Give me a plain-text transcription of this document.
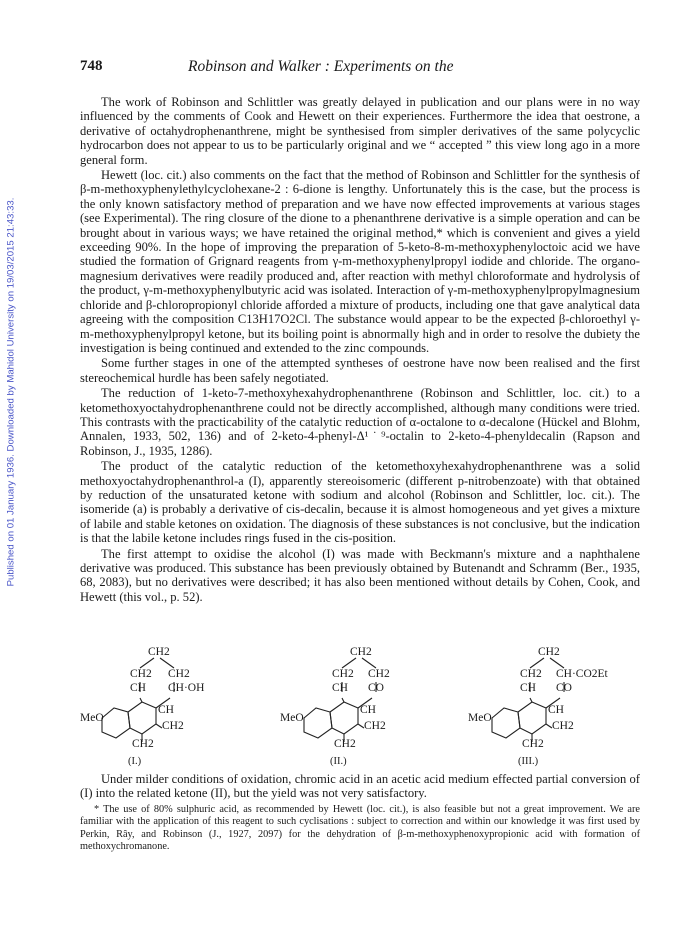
Published on 01 January 1936. Downloaded by Mahidol University on 19/03/2015 21:43:33.
748	Robinson and Walker : Experiments on the

The work of Robinson and Schlittler was greatly delayed in publication and our plans were in no way influenced by the comments of Cook and Hewett on their experiences. Furthermore the idea that oestrone, a derivative of octahydrophenanthrene, might be synthesised from simpler derivatives of the same polycyclic hydrocarbon does not appear to us to be particularly original and we “ accepted ” this view long ago in a more general form.

Hewett (loc. cit.) also comments on the fact that the method of Robinson and Schlittler for the synthesis of β-m-methoxyphenylethylcyclohexane-2 : 6-dione is lengthy. Unfortunately this is the case, but the process is the only known satisfactory method of preparation and we have now effected improvements at various stages (see Experimental). The ring closure of the dione to a phenanthrene derivative is a simple operation and can be brought about in various ways; we have retained the original method,* which is convenient and gives a yield exceeding 90%. In the hope of improving the preparation of 5-keto-8-m-methoxyphenyloctoic acid we have studied the formation of Grignard reagents from γ-m-methoxyphenylpropyl iodide and chloride. The organo-magnesium derivatives were readily produced and, after reaction with methyl chloroformate and hydrolysis of the product, γ-m-methoxyphenylbutyric acid was isolated. Interaction of γ-m-methoxyphenylpropylmagnesium chloride and β-chloropropionyl chloride afforded a mixture of products, including one that gave analytical data agreeing with the composition C13H17O2Cl. The substance would appear to be the expected β-chloroethyl γ-m-methoxyphenylpropyl ketone, but its boiling point is abnormally high and in order to resolve the dubiety the investigation is being continued and extended to the zinc compounds.

Some further stages in one of the attempted syntheses of oestrone have now been realised and the first stereochemical hurdle has been safely negotiated.

The reduction of 1-keto-7-methoxyhexahydrophenanthrene (Robinson and Schlittler, loc. cit.) to a ketomethoxyoctahydrophenanthrene could not be directly accomplished, although many conditions were tried. This contrasts with the practicability of the catalytic reduction of α-octalone to α-decalone (Hückel and Blohm, Annalen, 1933, 502, 136) and of 2-keto-4-phenyl-Δ¹˙⁹-octalin to 2-keto-4-phenyldecalin (Rapson and Robinson, J., 1935, 1286).

The product of the catalytic reduction of the ketomethoxyhexahydrophenanthrene was a solid methoxyoctahydrophenanthrol-a (I), apparently stereoisomeric (different p-nitrobenzoate) with that obtained by reduction of the unsaturated ketone with sodium and alcohol (Robinson and Schlittler, loc. cit.). The isomeride (a) is probably a derivative of cis-decalin, because it is almost homogeneous and yet gives a mixture of labile and stable ketones on oxidation. The diagnosis of these substances is not conclusive, but the indication is that the labile ketone includes rings fused in the cis-position.

The first attempt to oxidise the alcohol (I) was made with Beckmann's mixture and a naphthalene derivative was produced. This substance has been previously obtained by Butenandt and Schramm (Ber., 1935, 68, 2083), but no derivatives were described; it has also been mentioned without details by Cohen, Cook, and Hewett (this vol., p. 52).

CH2
CH2 CH2
CH CH·OH
CH
CH2
CH2
MeO
(I.)
CH2
CH2 CH2
CH CO
CH
CH2
CH2
MeO
(II.)
CH2
CH2 CH·CO2Et
CH CO
CH
CH2
CH2
MeO
(III.)

Under milder conditions of oxidation, chromic acid in an acetic acid medium effected partial conversion of (I) into the related ketone (II), but the yield was not very satisfactory.

* The use of 80% sulphuric acid, as recommended by Hewett (loc. cit.), is also feasible but not a great improvement. We are familiar with the application of this reagent to such cyclisations : subject to correction and within our knowledge it was first used by Perkin, Rây, and Robinson (J., 1927, 2097) for the dehydration of β-m-methoxyphenoxypropionic acid with formation of methoxychromanone.
